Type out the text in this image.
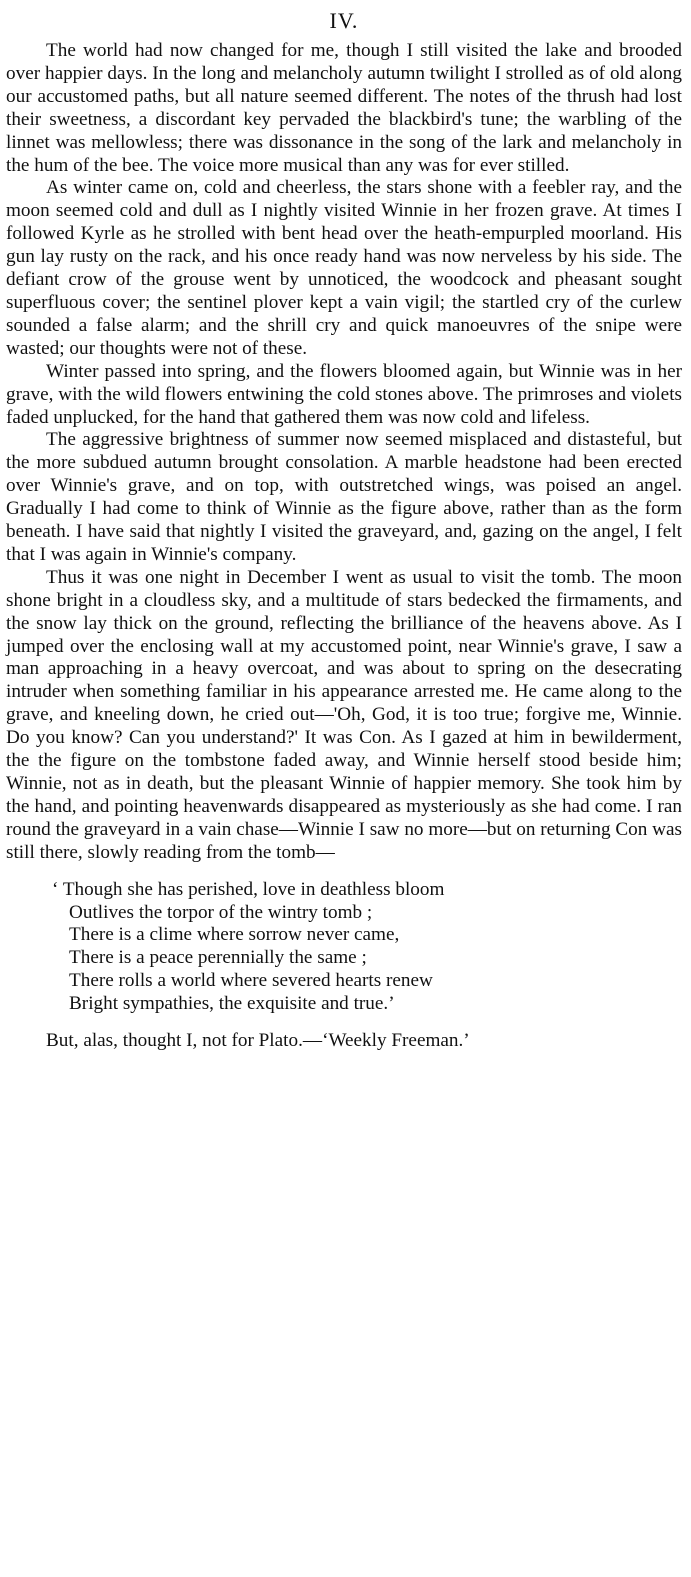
IV.

The world had now changed for me, though I still visited the lake and brooded over happier days. In the long and melancholy autumn twilight I strolled as of old along our accustomed paths, but all nature seemed different. The notes of the thrush had lost their sweetness, a discordant key pervaded the blackbird's tune; the warbling of the linnet was mellowless; there was dissonance in the song of the lark and melancholy in the hum of the bee. The voice more musical than any was for ever stilled.

As winter came on, cold and cheerless, the stars shone with a feebler ray, and the moon seemed cold and dull as I nightly visited Winnie in her frozen grave. At times I followed Kyrle as he strolled with bent head over the heath-empurpled moorland. His gun lay rusty on the rack, and his once ready hand was now nerveless by his side. The defiant crow of the grouse went by unnoticed, the woodcock and pheasant sought superfluous cover; the sentinel plover kept a vain vigil; the startled cry of the curlew sounded a false alarm; and the shrill cry and quick manoeuvres of the snipe were wasted; our thoughts were not of these.

Winter passed into spring, and the flowers bloomed again, but Winnie was in her grave, with the wild flowers entwining the cold stones above. The primroses and violets faded unplucked, for the hand that gathered them was now cold and lifeless.

The aggressive brightness of summer now seemed misplaced and distasteful, but the more subdued autumn brought consolation. A marble headstone had been erected over Winnie's grave, and on top, with outstretched wings, was poised an angel. Gradually I had come to think of Winnie as the figure above, rather than as the form beneath. I have said that nightly I visited the graveyard, and, gazing on the angel, I felt that I was again in Winnie's company.

Thus it was one night in December I went as usual to visit the tomb. The moon shone bright in a cloudless sky, and a multitude of stars bedecked the firmaments, and the snow lay thick on the ground, reflecting the brilliance of the heavens above. As I jumped over the enclosing wall at my accustomed point, near Winnie's grave, I saw a man approaching in a heavy overcoat, and was about to spring on the desecrating intruder when something familiar in his appearance arrested me. He came along to the grave, and kneeling down, he cried out—'Oh, God, it is too true; forgive me, Winnie. Do you know? Can you understand?' It was Con. As I gazed at him in bewilderment, the the figure on the tombstone faded away, and Winnie herself stood beside him; Winnie, not as in death, but the pleasant Winnie of happier memory. She took him by the hand, and pointing heavenwards disappeared as mysteriously as she had come. I ran round the graveyard in a vain chase—Winnie I saw no more—but on returning Con was still there, slowly reading from the tomb—

‘ Though she has perished, love in deathless bloom
Outlives the torpor of the wintry tomb ;
There is a clime where sorrow never came,
There is a peace perennially the same ;
There rolls a world where severed hearts renew
Bright sympathies, the exquisite and true.’

But, alas, thought I, not for Plato.—‘Weekly Freeman.’
